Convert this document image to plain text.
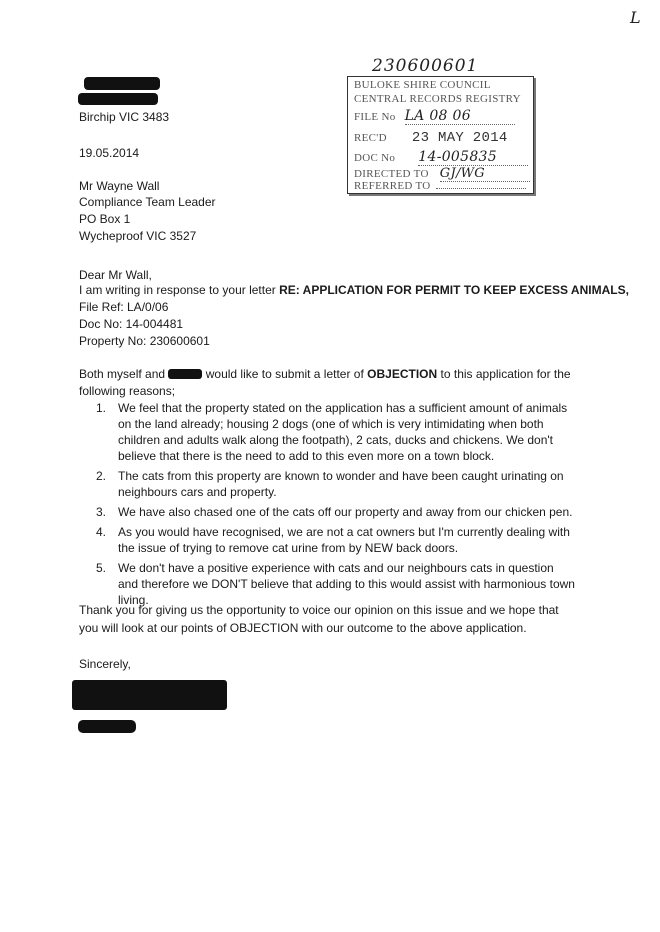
L
Birchip VIC 3483
19.05.2014
Mr Wayne Wall
Compliance Team Leader
PO Box 1
Wycheproof VIC 3527
230600601
BULOKE SHIRE COUNCIL
CENTRAL RECORDS REGISTRY
FILE No LA 08 06
REC'D 23 MAY 2014
DOC No 14-005835
DIRECTED TO GJ/WG
REFERRED TO
Dear Mr Wall,
I am writing in response to your letter RE: APPLICATION FOR PERMIT TO KEEP EXCESS ANIMALS,
File Ref: LA/0/06
Doc No: 14-004481
Property No: 230600601
Both myself and	would like to submit a letter of OBJECTION to this application for the
following reasons;
1. We feel that the property stated on the application has a sufficient amount of animals on the land already; housing 2 dogs (one of which is very intimidating when both children and adults walk along the footpath), 2 cats, ducks and chickens. We don't believe that there is the need to add to this even more on a town block.
2. The cats from this property are known to wonder and have been caught urinating on neighbours cars and property.
3. We have also chased one of the cats off our property and away from our chicken pen.
4. As you would have recognised, we are not a cat owners but I'm currently dealing with the issue of trying to remove cat urine from by NEW back doors.
5. We don't have a positive experience with cats and our neighbours cats in question and therefore we DON'T believe that adding to this would assist with harmonious town living.
Thank you for giving us the opportunity to voice our opinion on this issue and we hope that you will look at our points of OBJECTION with our outcome to the above application.
Sincerely,
